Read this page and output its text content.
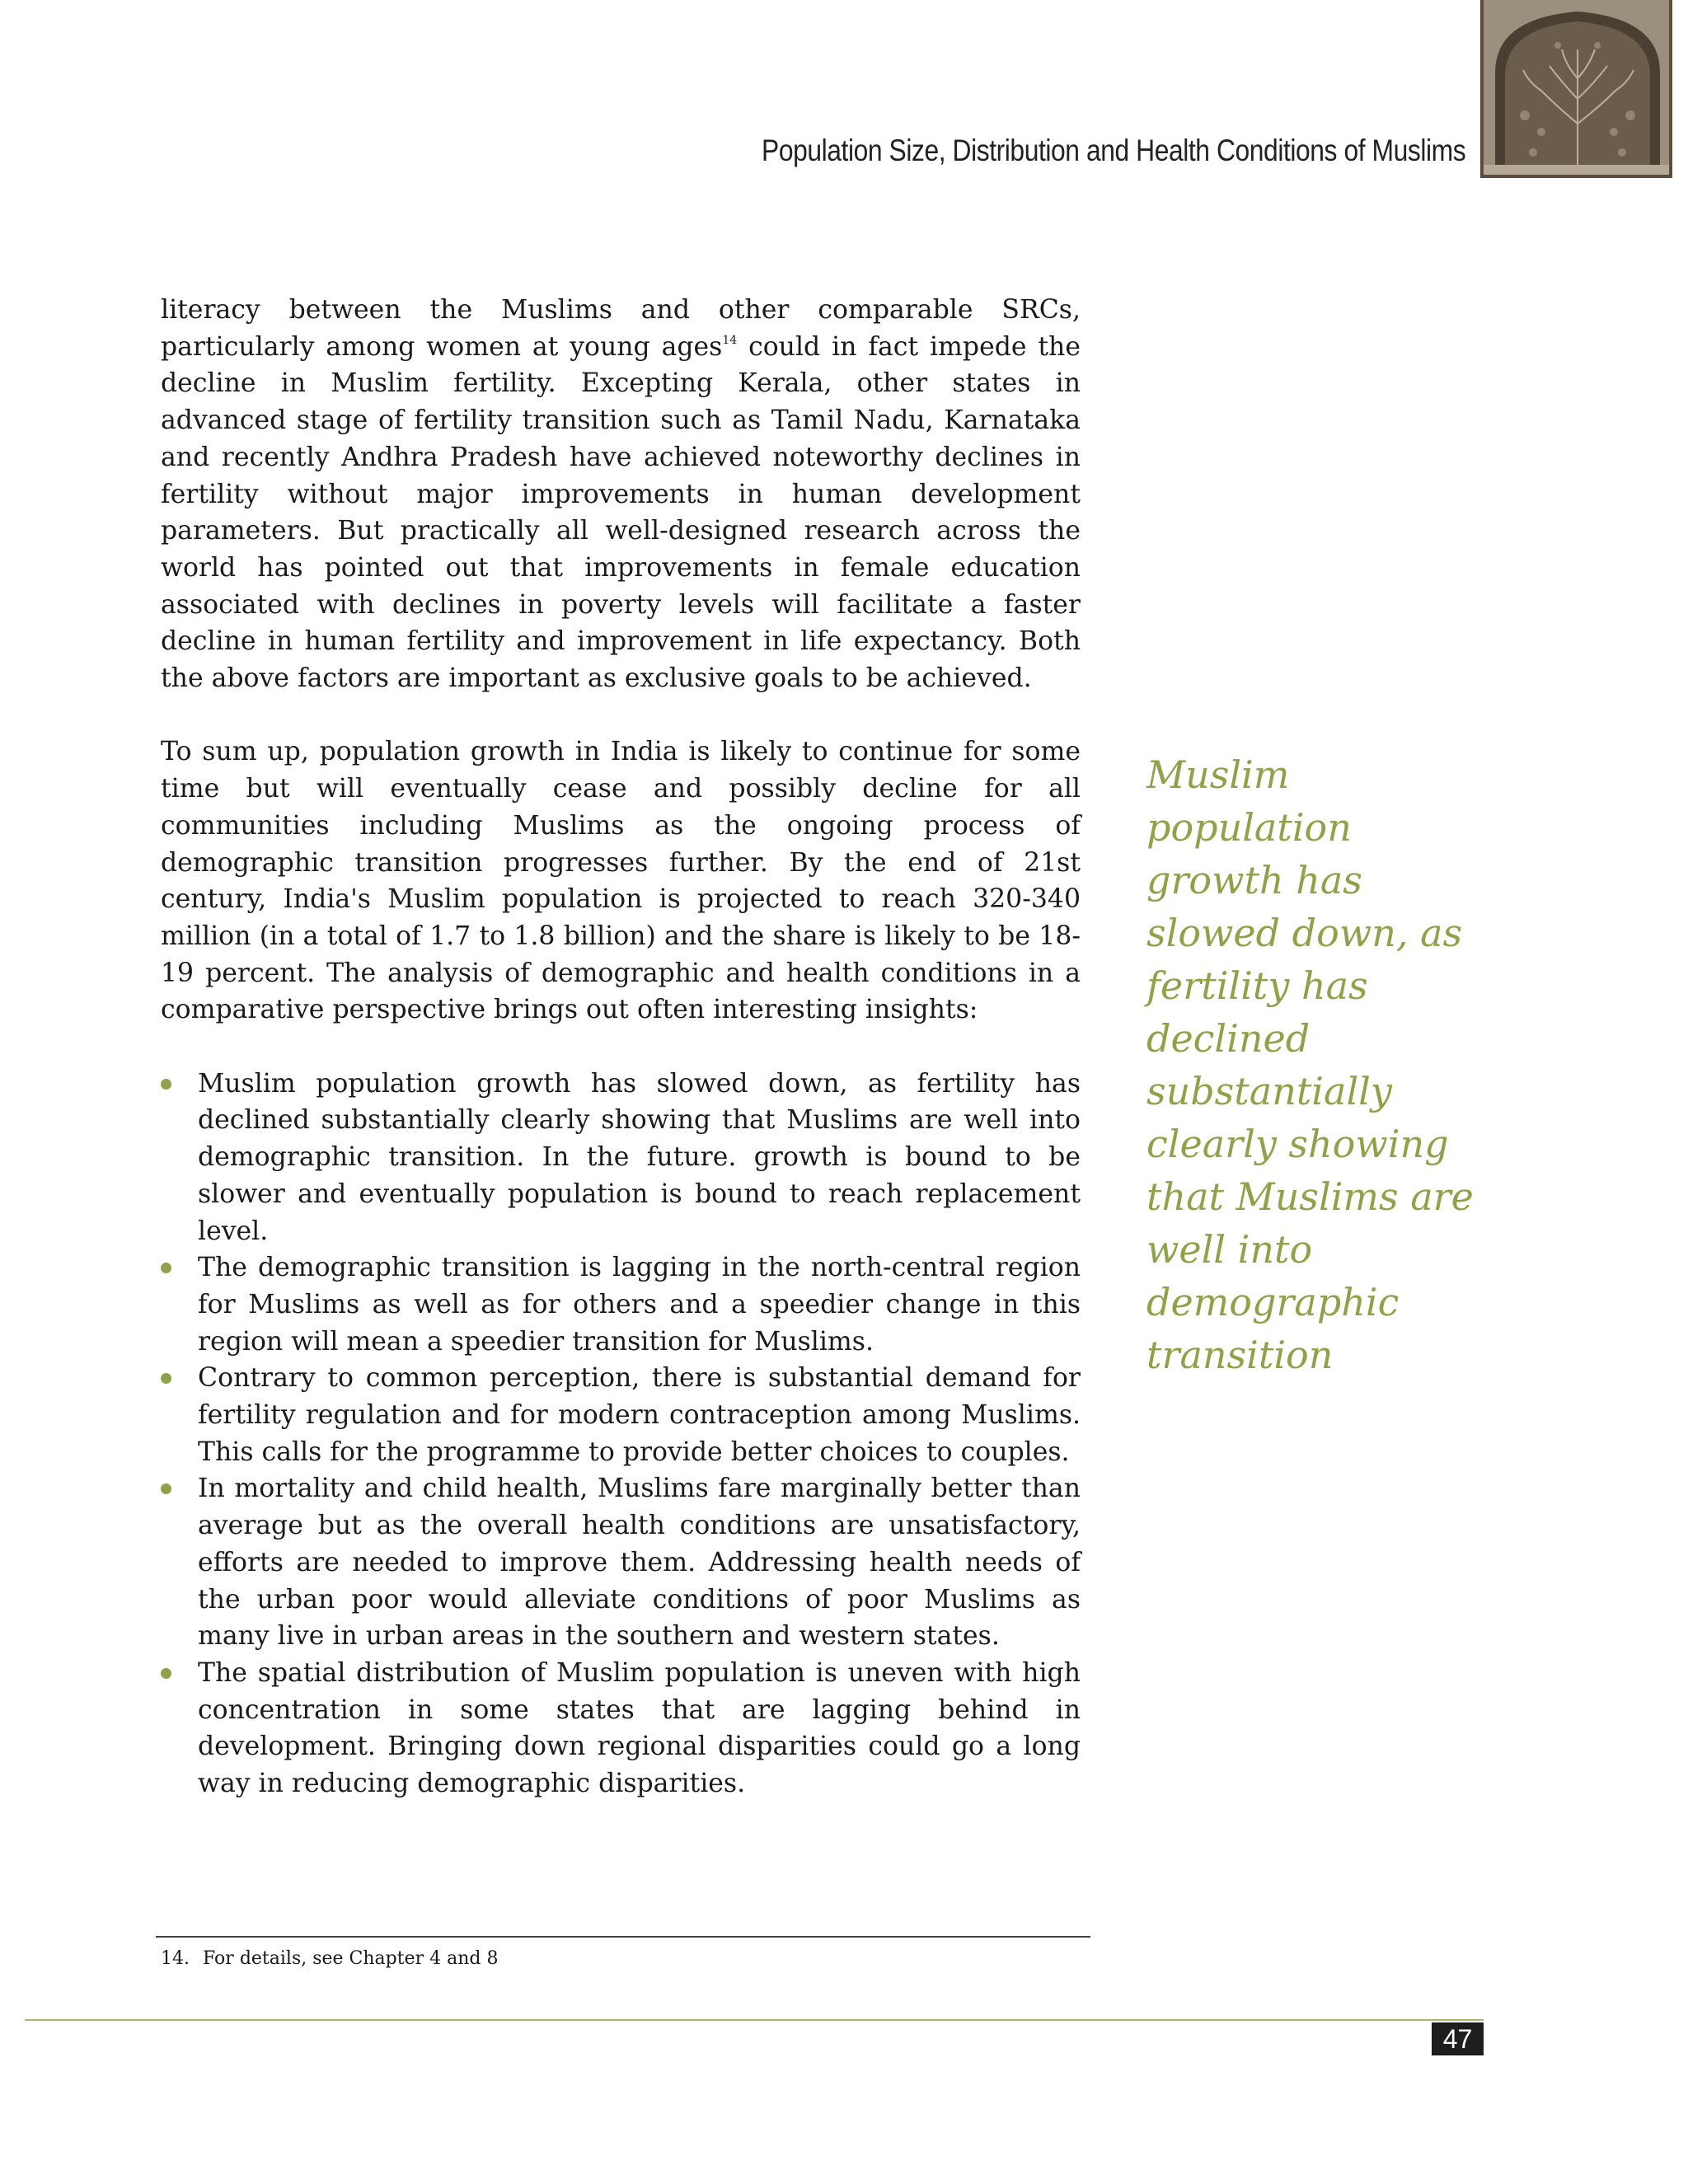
Population Size, Distribution and Health Conditions of Muslims

literacy between the Muslims and other comparable SRCs, particularly among women at young ages$^{14}$ could in fact impede the decline in Muslim fertility. Excepting Kerala, other states in advanced stage of fertility transition such as Tamil Nadu, Karnataka and recently Andhra Pradesh have achieved noteworthy declines in fertility without major improvements in human development parameters. But practically all well-designed research across the world has pointed out that improvements in female education associated with declines in poverty levels will facilitate a faster decline in human fertility and improvement in life expectancy. Both the above factors are important as exclusive goals to be achieved.

To sum up, population growth in India is likely to continue for some time but will eventually cease and possibly decline for all communities including Muslims as the ongoing process of demographic transition progresses further. By the end of 21st century, India's Muslim population is projected to reach 320-340 million (in a total of 1.7 to 1.8 billion) and the share is likely to be 18-19 percent. The analysis of demographic and health conditions in a comparative perspective brings out often interesting insights:

Muslim population growth has slowed down, as fertility has declined substantially clearly showing that Muslims are well into demographic transition. In the future. growth is bound to be slower and eventually population is bound to reach replacement level.
The demographic transition is lagging in the north-central region for Muslims as well as for others and a speedier change in this region will mean a speedier transition for Muslims.
Contrary to common perception, there is substantial demand for fertility regulation and for modern contraception among Muslims. This calls for the programme to provide better choices to couples.
In mortality and child health, Muslims fare marginally better than average but as the overall health conditions are unsatisfactory, efforts are needed to improve them. Addressing health needs of the urban poor would alleviate conditions of poor Muslims as many live in urban areas in the southern and western states.
The spatial distribution of Muslim population is uneven with high concentration in some states that are lagging behind in development. Bringing down regional disparities could go a long way in reducing demographic disparities.
Muslim population growth has slowed down, as fertility has declined substantially clearly showing that Muslims are well into demographic transition
14. For details, see Chapter 4 and 8
47
